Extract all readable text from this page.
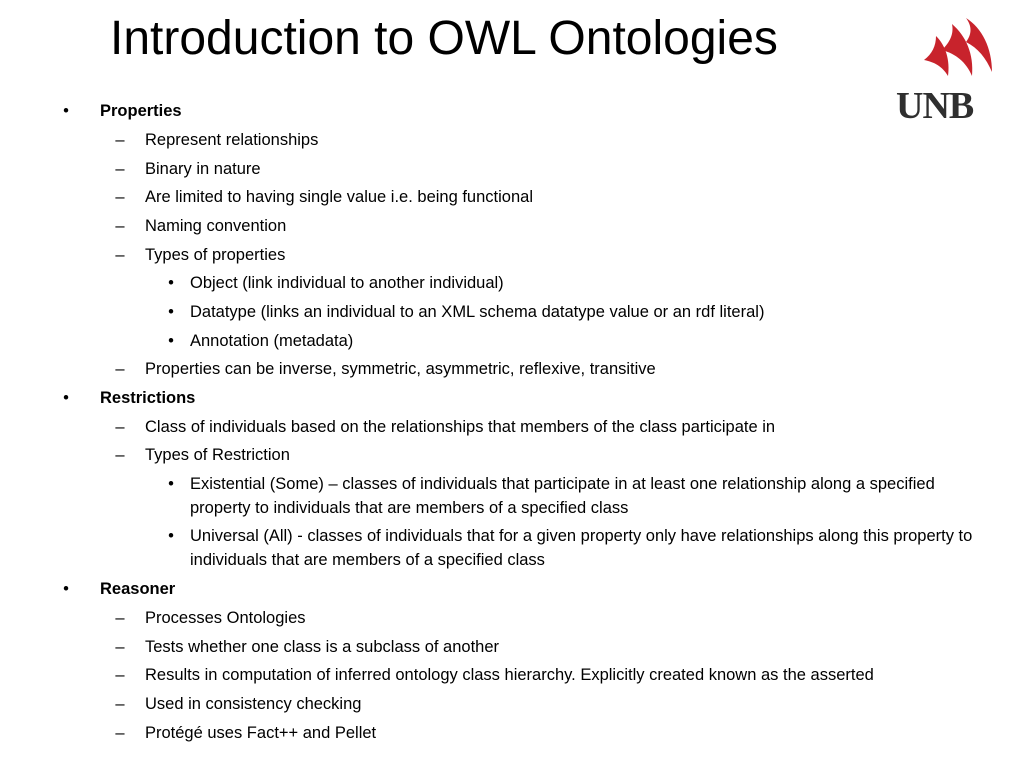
Introduction to OWL Ontologies
UNB
• Properties
– Represent relationships
– Binary in nature
– Are limited to having single value i.e. being functional
– Naming convention
– Types of properties
• Object (link individual to another individual)
• Datatype (links an individual to an XML schema datatype value or an rdf literal)
• Annotation (metadata)
– Properties can be inverse, symmetric, asymmetric, reflexive, transitive
• Restrictions
– Class of individuals based on the relationships that members of the class participate in
– Types of Restriction
• Existential (Some) – classes of individuals that participate in at least one relationship along a specified property to individuals that are members of a specified class
• Universal (All) - classes of individuals that for a given property only have relationships along this property to individuals that are members of a specified class
• Reasoner
– Processes Ontologies
– Tests whether one class is a subclass of another
– Results in computation of inferred ontology class hierarchy. Explicitly created known as the asserted
– Used in consistency checking
– Protégé uses Fact++ and Pellet
